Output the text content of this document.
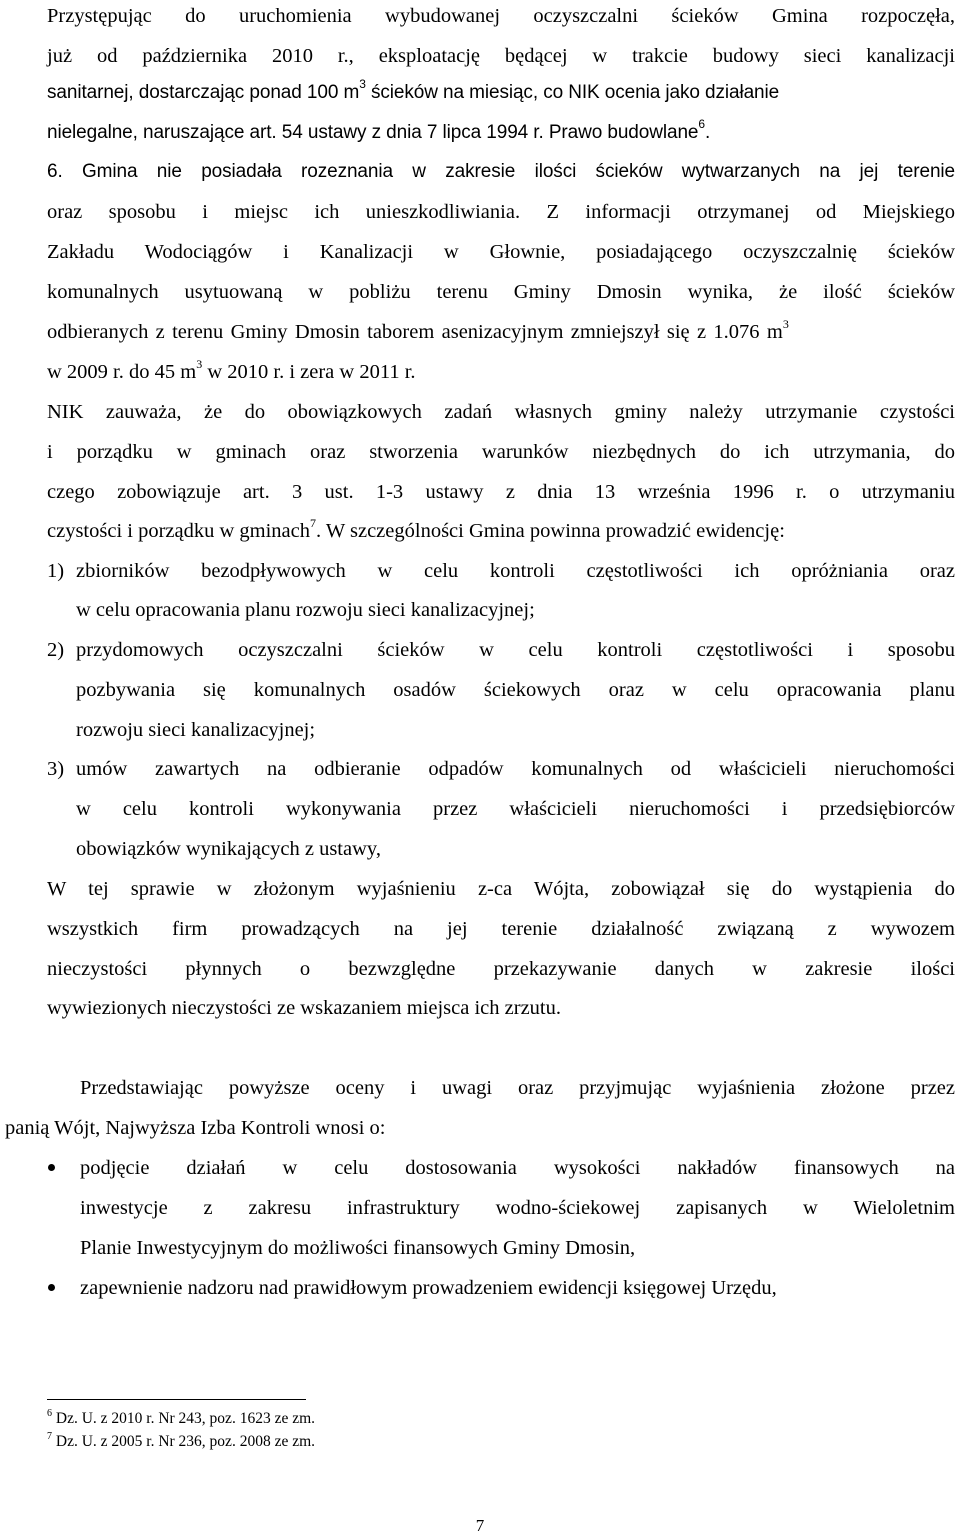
Przystępując do uruchomienia wybudowanej oczyszczalni ścieków Gmina rozpoczęła,
już od października 2010 r., eksploatację będącej w trakcie budowy sieci kanalizacji
sanitarnej, dostarczając ponad 100 $m^3$ ścieków na miesiąc, co NIK ocenia jako działanie
nielegalne, naruszające art. 54 ustawy z dnia 7 lipca 1994 r. Prawo budowlane$^6$.
6. Gmina nie posiadała rozeznania w zakresie ilości ścieków wytwarzanych na jej terenie
oraz sposobu i miejsc ich unieszkodliwiania. Z informacji otrzymanej od Miejskiego
Zakładu Wodociągów i Kanalizacji w Głownie, posiadającego oczyszczalnię ścieków
komunalnych usytuowaną w pobliżu terenu Gminy Dmosin wynika, że ilość ścieków
odbieranych z terenu Gminy Dmosin taborem asenizacyjnym zmniejszył się z 1.076 $m^3$
w 2009 r. do 45 $m^3$ w 2010 r. i zera w 2011 r.
NIK zauważa, że do obowiązkowych zadań własnych gminy należy utrzymanie czystości
i porządku w gminach oraz stworzenia warunków niezbędnych do ich utrzymania, do
czego zobowiązuje art. 3 ust. 1-3 ustawy z dnia 13 września 1996 r. o utrzymaniu
czystości i porządku w gminach$^7$. W szczególności Gmina powinna prowadzić ewidencję:
1) zbiorników bezodpływowych w celu kontroli częstotliwości ich opróżniania oraz
w celu opracowania planu rozwoju sieci kanalizacyjnej;
2) przydomowych oczyszczalni ścieków w celu kontroli częstotliwości i sposobu
pozbywania się komunalnych osadów ściekowych oraz w celu opracowania planu
rozwoju sieci kanalizacyjnej;
3) umów zawartych na odbieranie odpadów komunalnych od właścicieli nieruchomości
w celu kontroli wykonywania przez właścicieli nieruchomości i przedsiębiorców
obowiązków wynikających z ustawy,
W tej sprawie w złożonym wyjaśnieniu z-ca Wójta, zobowiązał się do wystąpienia do
wszystkich firm prowadzących na jej terenie działalność związaną z wywozem
nieczystości płynnych o bezwzględne przekazywanie danych w zakresie ilości
wywiezionych nieczystości ze wskazaniem miejsca ich zrzutu.
Przedstawiając powyższe oceny i uwagi oraz przyjmując wyjaśnienia złożone przez
panią Wójt, Najwyższa Izba Kontroli wnosi o:
podjęcie działań w celu dostosowania wysokości nakładów finansowych na
inwestycje z zakresu infrastruktury wodno-ściekowej zapisanych w Wieloletnim
Planie Inwestycyjnym do możliwości finansowych Gminy Dmosin,
zapewnienie nadzoru nad prawidłowym prowadzeniem ewidencji księgowej Urzędu,
$^6$ Dz. U. z 2010 r. Nr 243, poz. 1623 ze zm.
$^7$ Dz. U. z 2005 r. Nr 236, poz. 2008 ze zm.
7
